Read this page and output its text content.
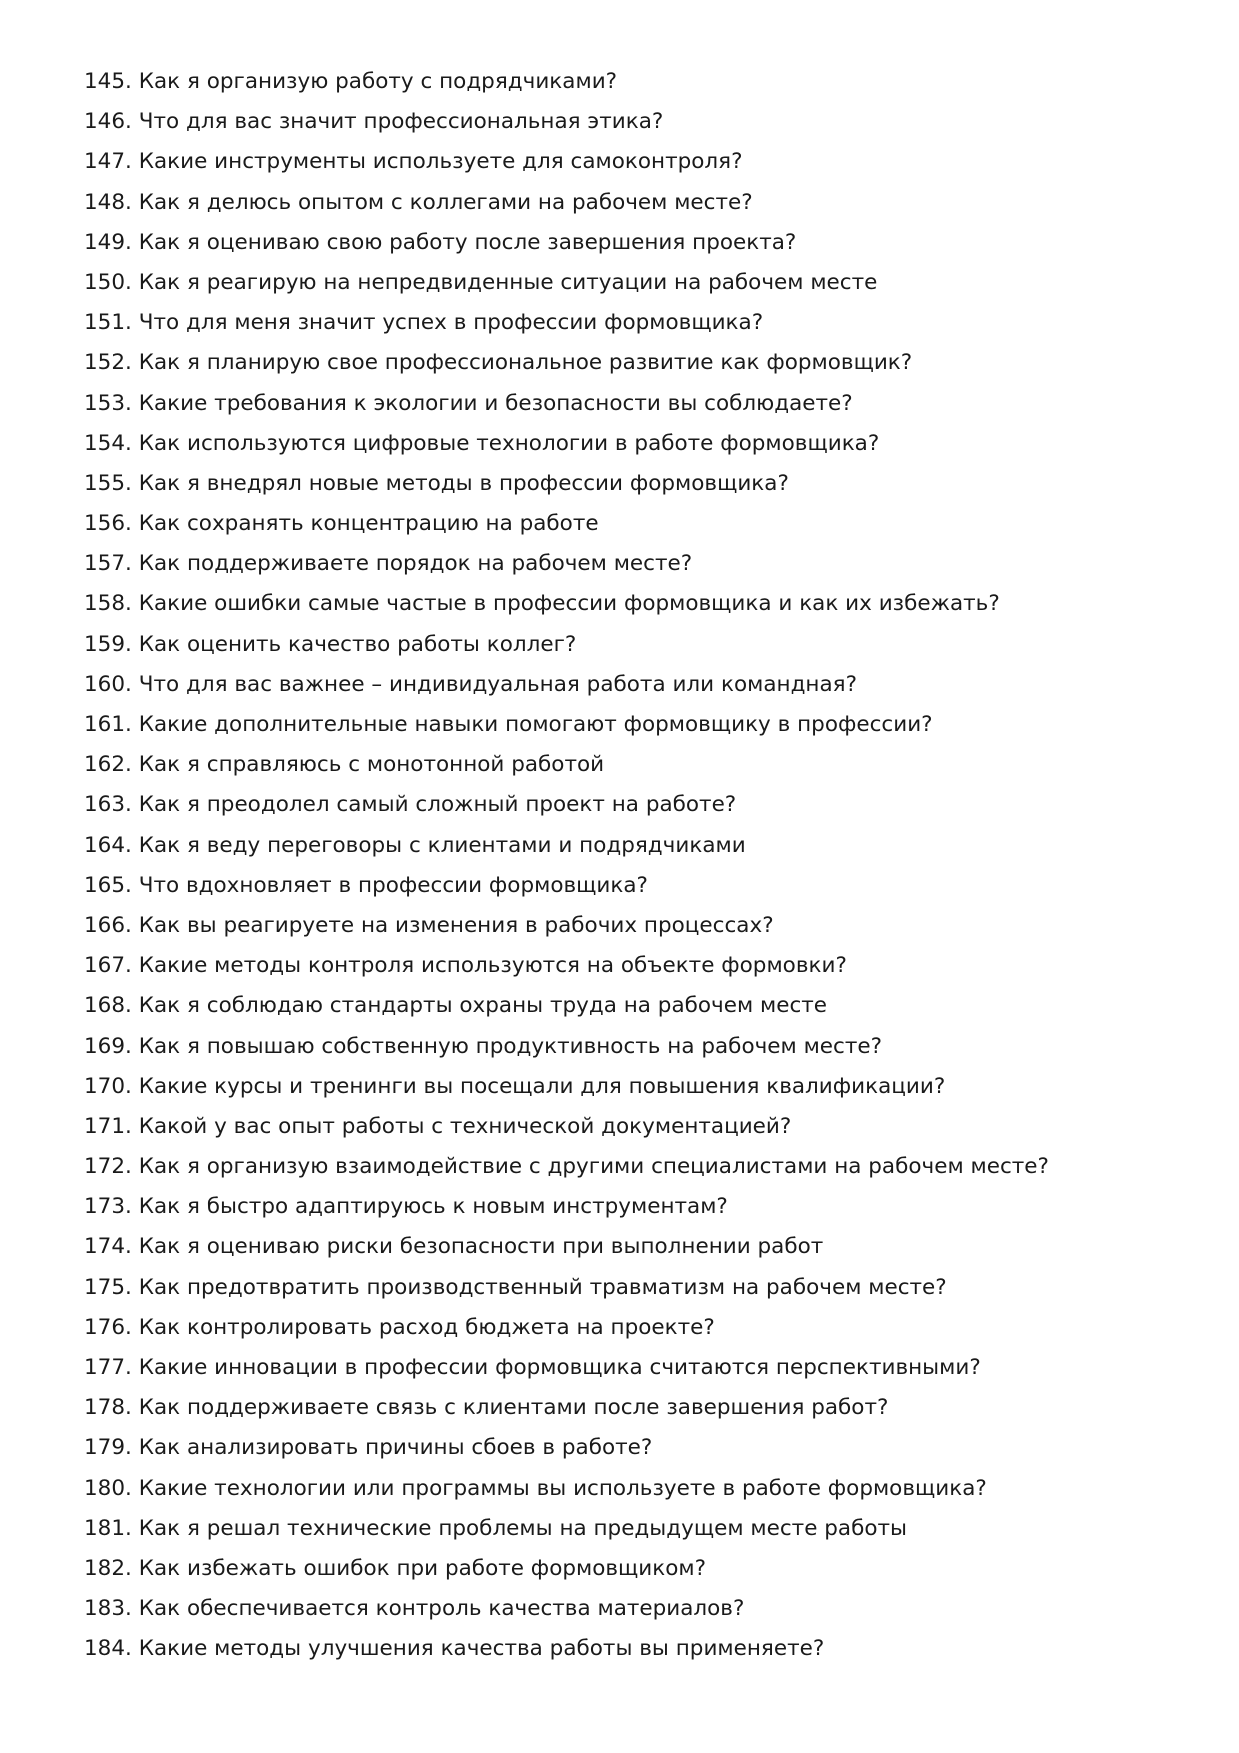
145. Как я организую работу с подрядчиками?
146. Что для вас значит профессиональная этика?
147. Какие инструменты используете для самоконтроля?
148. Как я делюсь опытом с коллегами на рабочем месте?
149. Как я оцениваю свою работу после завершения проекта?
150. Как я реагирую на непредвиденные ситуации на рабочем месте
151. Что для меня значит успех в профессии формовщика?
152. Как я планирую свое профессиональное развитие как формовщик?
153. Какие требования к экологии и безопасности вы соблюдаете?
154. Как используются цифровые технологии в работе формовщика?
155. Как я внедрял новые методы в профессии формовщика?
156. Как сохранять концентрацию на работе
157. Как поддерживаете порядок на рабочем месте?
158. Какие ошибки самые частые в профессии формовщика и как их избежать?
159. Как оценить качество работы коллег?
160. Что для вас важнее – индивидуальная работа или командная?
161. Какие дополнительные навыки помогают формовщику в профессии?
162. Как я справляюсь с монотонной работой
163. Как я преодолел самый сложный проект на работе?
164. Как я веду переговоры с клиентами и подрядчиками
165. Что вдохновляет в профессии формовщика?
166. Как вы реагируете на изменения в рабочих процессах?
167. Какие методы контроля используются на объекте формовки?
168. Как я соблюдаю стандарты охраны труда на рабочем месте
169. Как я повышаю собственную продуктивность на рабочем месте?
170. Какие курсы и тренинги вы посещали для повышения квалификации?
171. Какой у вас опыт работы с технической документацией?
172. Как я организую взаимодействие с другими специалистами на рабочем месте?
173. Как я быстро адаптируюсь к новым инструментам?
174. Как я оцениваю риски безопасности при выполнении работ
175. Как предотвратить производственный травматизм на рабочем месте?
176. Как контролировать расход бюджета на проекте?
177. Какие инновации в профессии формовщика считаются перспективными?
178. Как поддерживаете связь с клиентами после завершения работ?
179. Как анализировать причины сбоев в работе?
180. Какие технологии или программы вы используете в работе формовщика?
181. Как я решал технические проблемы на предыдущем месте работы
182. Как избежать ошибок при работе формовщиком?
183. Как обеспечивается контроль качества материалов?
184. Какие методы улучшения качества работы вы применяете?
